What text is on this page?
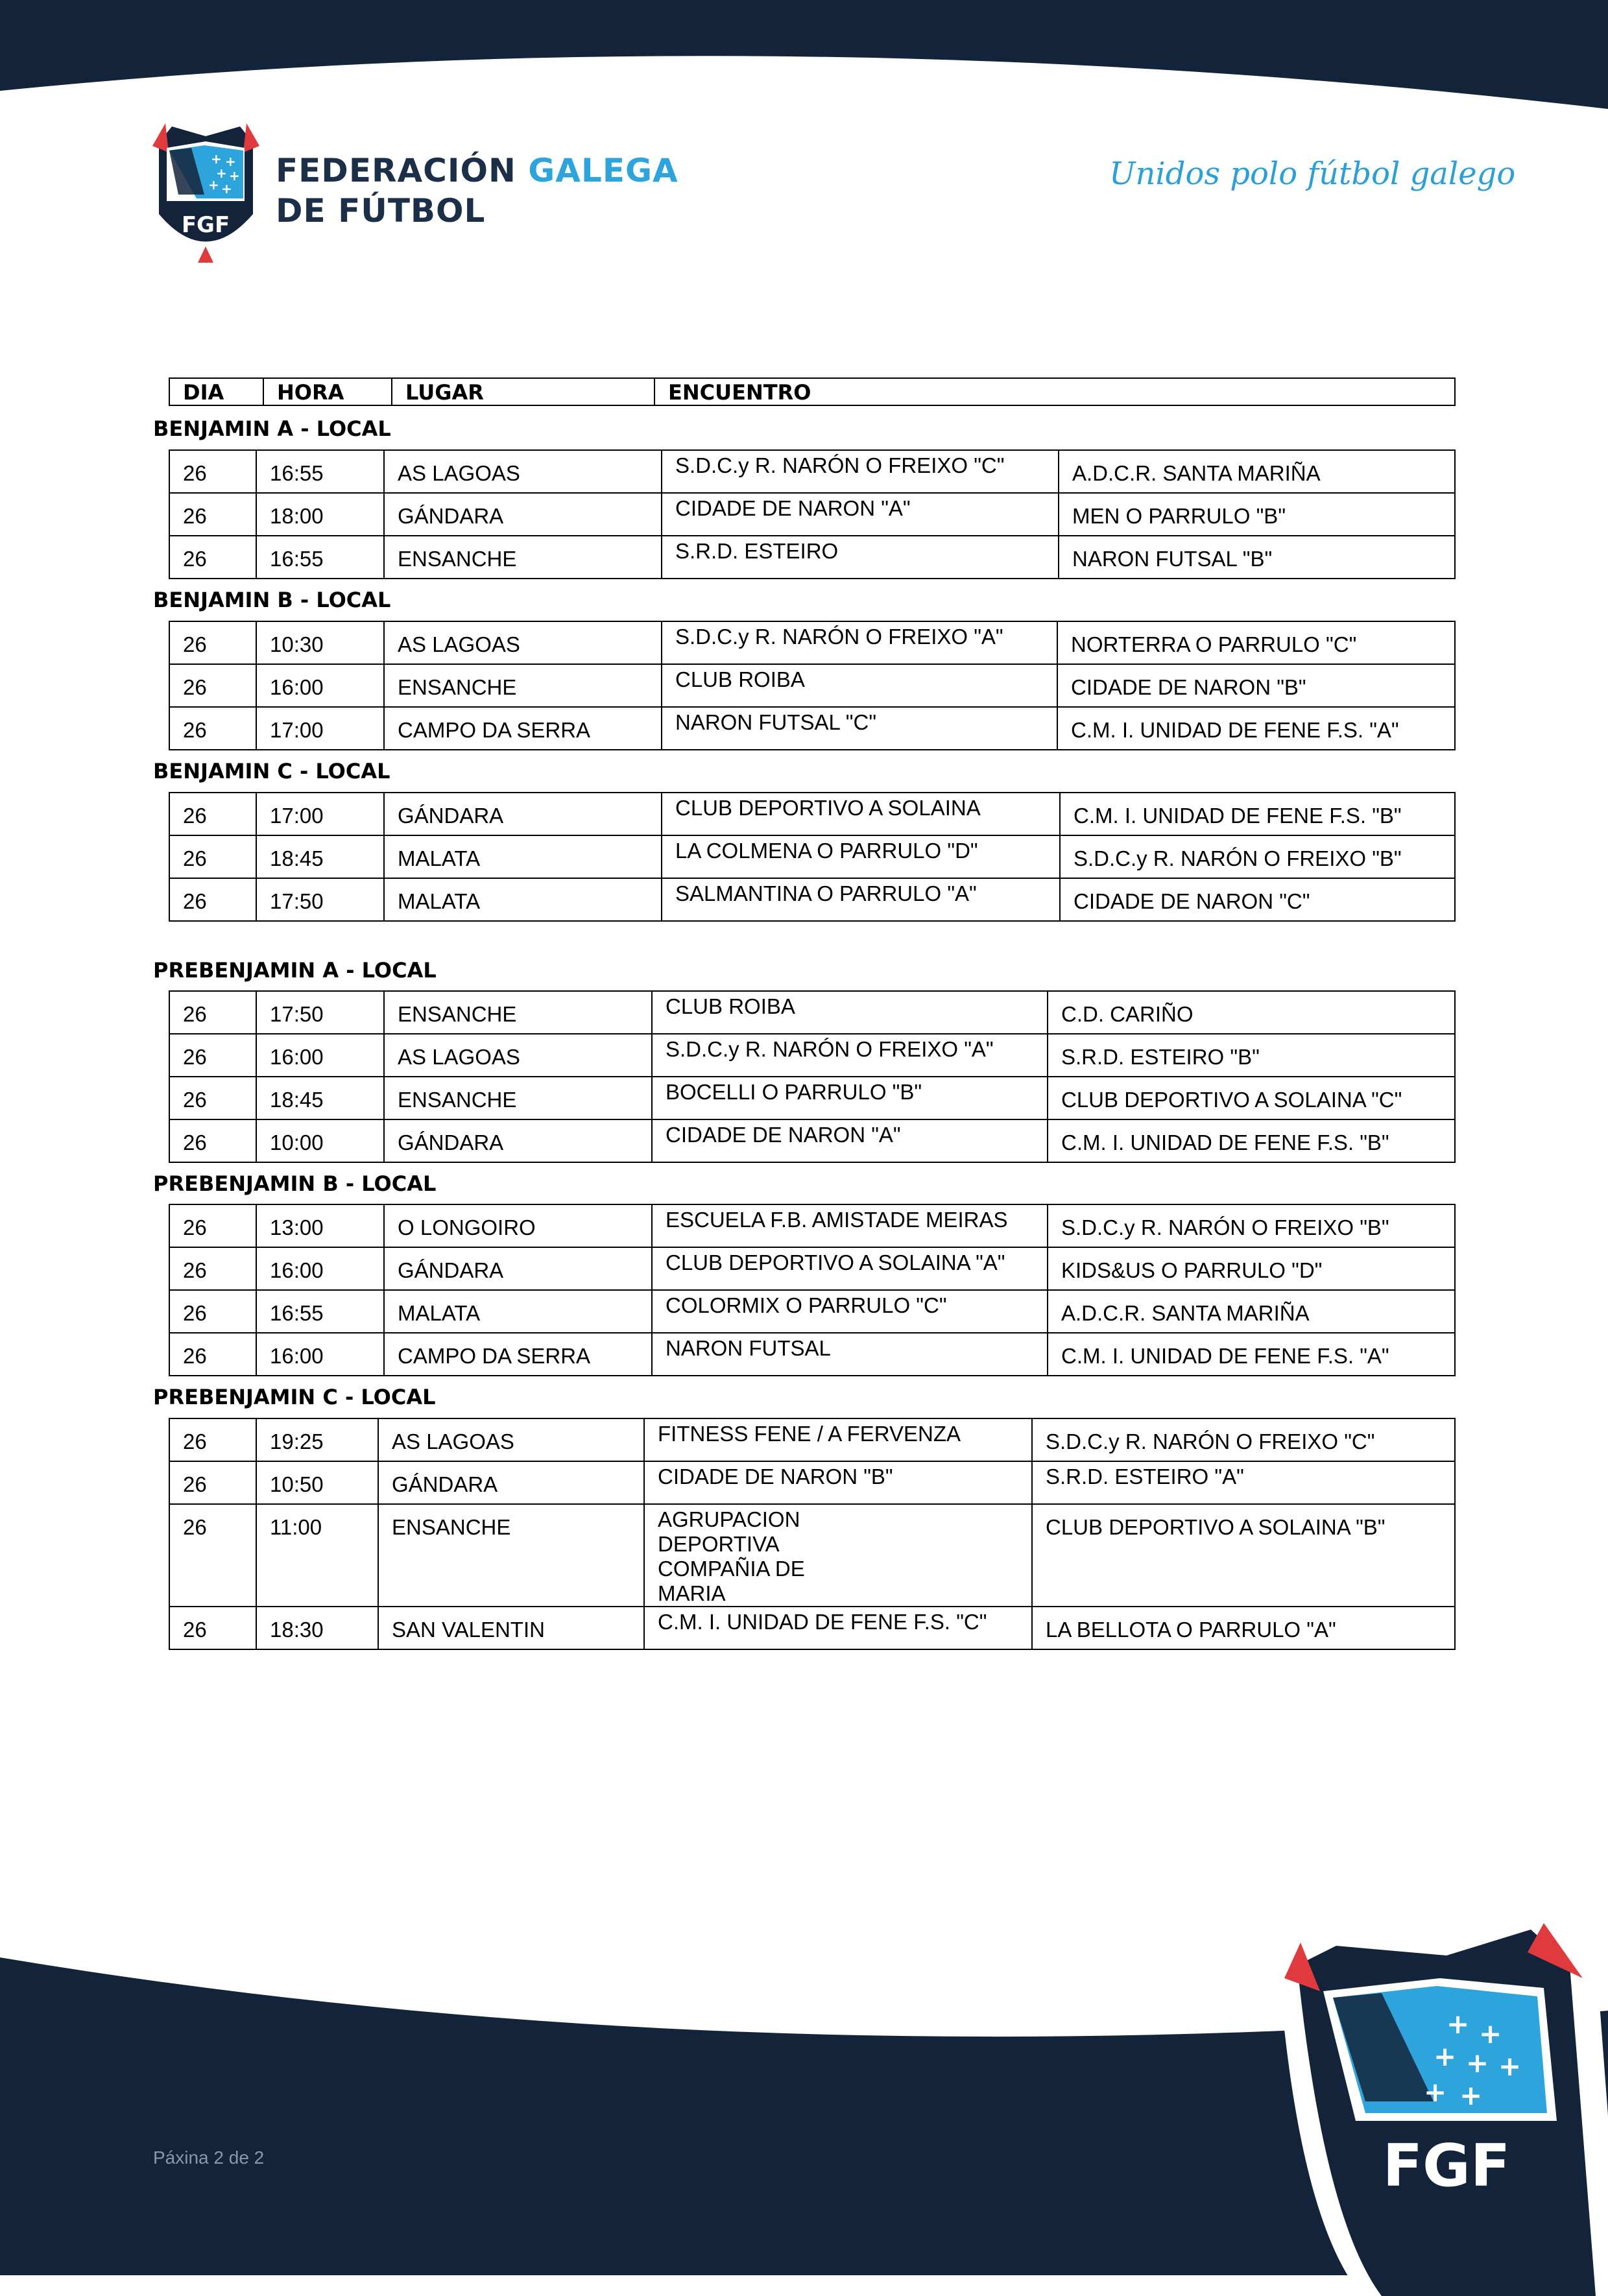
+ +
+ +
+ +
FGF
FEDERACIÓN GALEGA
DE FÚTBOL
Unidos polo fútbol galego
DIA	HORA	LUGAR	ENCUENTRO
BENJAMIN A - LOCAL
BENJAMIN B - LOCAL
BENJAMIN C - LOCAL
PREBENJAMIN A - LOCAL
PREBENJAMIN B - LOCAL
PREBENJAMIN C - LOCAL
26	16:55	AS LAGOAS	S.D.C.y R. NARÓN O FREIXO "C"	A.D.C.R. SANTA MARIÑA

26	18:00	GÁNDARA	CIDADE DE NARON "A"	MEN O PARRULO "B"

26	16:55	ENSANCHE	S.R.D. ESTEIRO	NARON FUTSAL "B"
26	10:30	AS LAGOAS	S.D.C.y R. NARÓN O FREIXO "A"	NORTERRA O PARRULO "C"

26	16:00	ENSANCHE	CLUB ROIBA	CIDADE DE NARON "B"

26	17:00	CAMPO DA SERRA	NARON FUTSAL "C"	C.M. I. UNIDAD DE FENE F.S. "A"
26	17:00	GÁNDARA	CLUB DEPORTIVO A SOLAINA	C.M. I. UNIDAD DE FENE F.S. "B"

26	18:45	MALATA	LA COLMENA O PARRULO "D"	S.D.C.y R. NARÓN O FREIXO "B"

26	17:50	MALATA	SALMANTINA O PARRULO "A"	CIDADE DE NARON "C"
26	17:50	ENSANCHE	CLUB ROIBA	C.D. CARIÑO

26	16:00	AS LAGOAS	S.D.C.y R. NARÓN O FREIXO "A"	S.R.D. ESTEIRO "B"

26	18:45	ENSANCHE	BOCELLI O PARRULO "B"	CLUB DEPORTIVO A SOLAINA "C"

26	10:00	GÁNDARA	CIDADE DE NARON "A"	C.M. I. UNIDAD DE FENE F.S. "B"
26	13:00	O LONGOIRO	ESCUELA F.B. AMISTADE MEIRAS	S.D.C.y R. NARÓN O FREIXO "B"

26	16:00	GÁNDARA	CLUB DEPORTIVO A SOLAINA "A"	KIDS&US O PARRULO "D"

26	16:55	MALATA	COLORMIX O PARRULO "C"	A.D.C.R. SANTA MARIÑA

26	16:00	CAMPO DA SERRA	NARON FUTSAL	C.M. I. UNIDAD DE FENE F.S. "A"
26	19:25	AS LAGOAS	FITNESS FENE / A FERVENZA	S.D.C.y R. NARÓN O FREIXO "C"

26	10:50	GÁNDARA	CIDADE DE NARON "B"	S.R.D. ESTEIRO "A"

26	11:00	ENSANCHE	AGRUPACION DEPORTIVA COMPAÑIA DE MARIA	CLUB DEPORTIVO A SOLAINA "B"

26	18:30	SAN VALENTIN	C.M. I. UNIDAD DE FENE F.S. "C"	LA BELLOTA O PARRULO "A"
+ +
+ + +
+ +
FGF
Páxina 2 de 2
